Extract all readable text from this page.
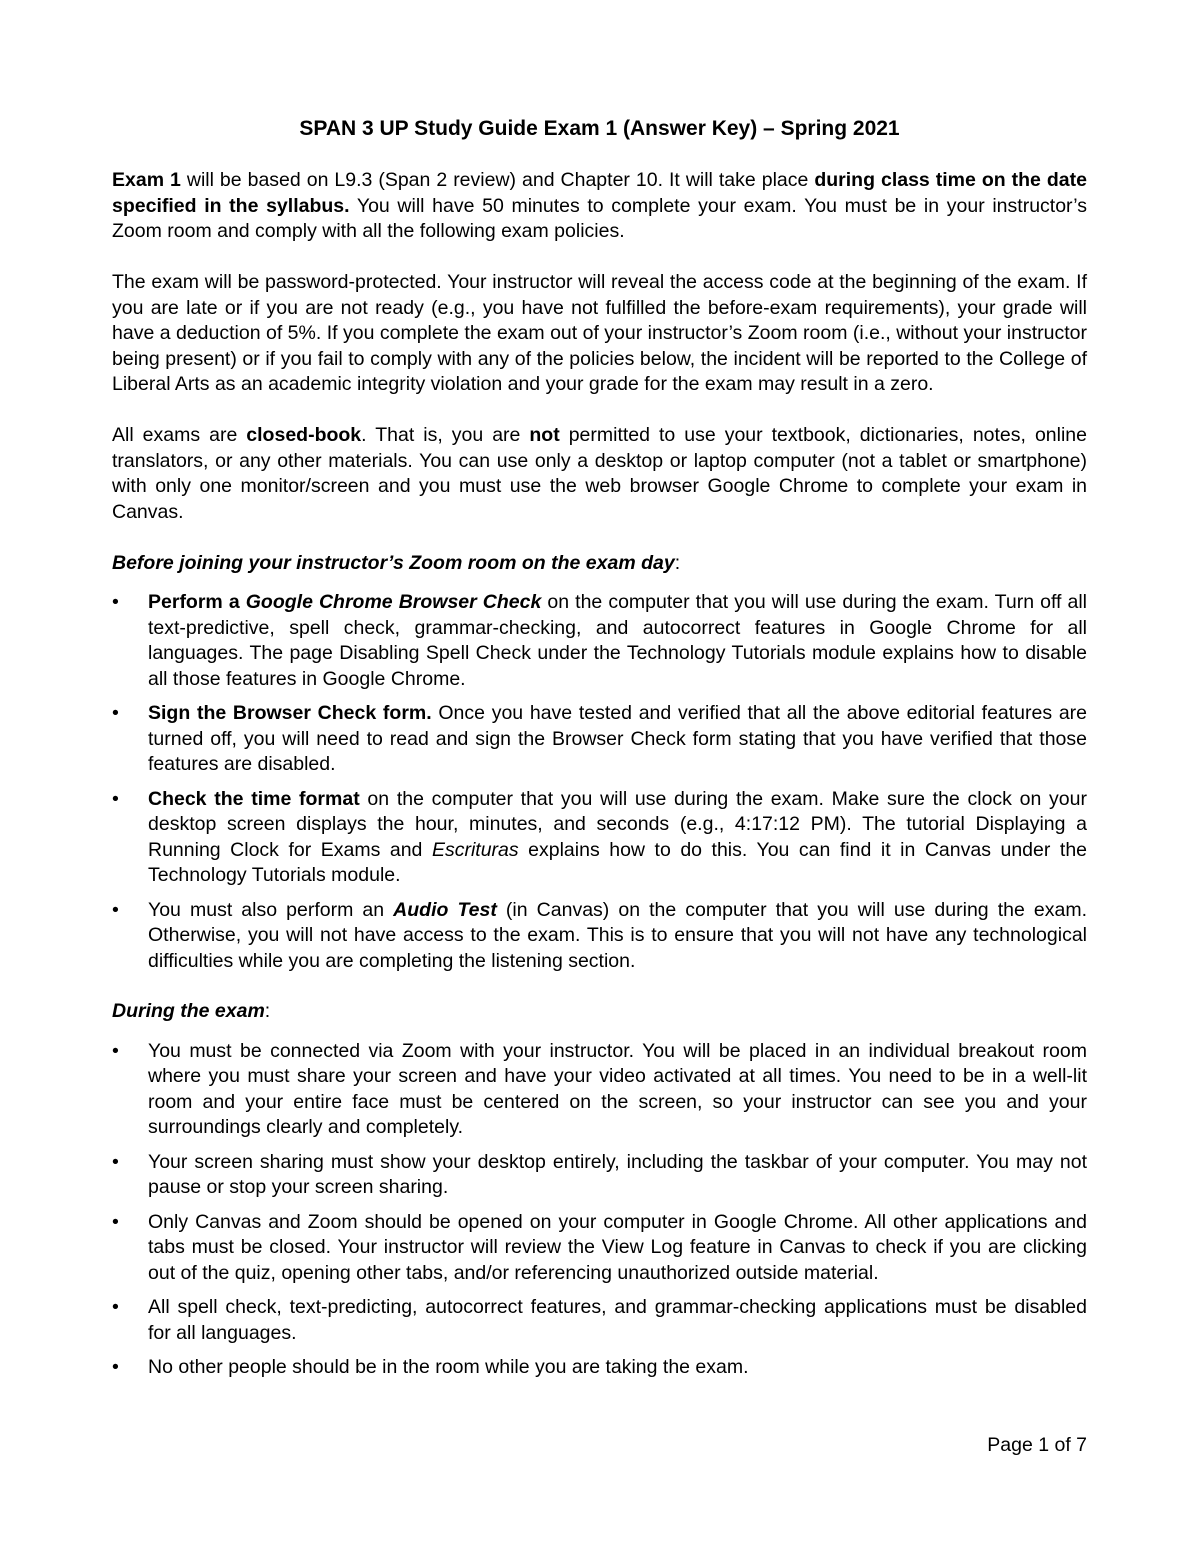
SPAN 3 UP Study Guide Exam 1 (Answer Key) – Spring 2021

Exam 1 will be based on L9.3 (Span 2 review) and Chapter 10. It will take place during class time on the date specified in the syllabus. You will have 50 minutes to complete your exam. You must be in your instructor’s Zoom room and comply with all the following exam policies.

The exam will be password-protected. Your instructor will reveal the access code at the beginning of the exam. If you are late or if you are not ready (e.g., you have not fulfilled the before-exam requirements), your grade will have a deduction of 5%. If you complete the exam out of your instructor’s Zoom room (i.e., without your instructor being present) or if you fail to comply with any of the policies below, the incident will be reported to the College of Liberal Arts as an academic integrity violation and your grade for the exam may result in a zero.

All exams are closed-book. That is, you are not permitted to use your textbook, dictionaries, notes, online translators, or any other materials. You can use only a desktop or laptop computer (not a tablet or smartphone) with only one monitor/screen and you must use the web browser Google Chrome to complete your exam in Canvas.

Before joining your instructor’s Zoom room on the exam day:
•	Perform a Google Chrome Browser Check on the computer that you will use during the exam. Turn off all text-predictive, spell check, grammar-checking, and autocorrect features in Google Chrome for all languages. The page Disabling Spell Check under the Technology Tutorials module explains how to disable all those features in Google Chrome.
•	Sign the Browser Check form. Once you have tested and verified that all the above editorial features are turned off, you will need to read and sign the Browser Check form stating that you have verified that those features are disabled.
•	Check the time format on the computer that you will use during the exam. Make sure the clock on your desktop screen displays the hour, minutes, and seconds (e.g., 4:17:12 PM). The tutorial Displaying a Running Clock for Exams and Escrituras explains how to do this. You can find it in Canvas under the Technology Tutorials module.
•	You must also perform an Audio Test (in Canvas) on the computer that you will use during the exam. Otherwise, you will not have access to the exam. This is to ensure that you will not have any technological difficulties while you are completing the listening section.
During the exam:
•	You must be connected via Zoom with your instructor. You will be placed in an individual breakout room where you must share your screen and have your video activated at all times. You need to be in a well-lit room and your entire face must be centered on the screen, so your instructor can see you and your surroundings clearly and completely.
•	Your screen sharing must show your desktop entirely, including the taskbar of your computer. You may not pause or stop your screen sharing.
•	Only Canvas and Zoom should be opened on your computer in Google Chrome. All other applications and tabs must be closed. Your instructor will review the View Log feature in Canvas to check if you are clicking out of the quiz, opening other tabs, and/or referencing unauthorized outside material.
•	All spell check, text-predicting, autocorrect features, and grammar-checking applications must be disabled for all languages.
•	No other people should be in the room while you are taking the exam.
Page 1 of 7
